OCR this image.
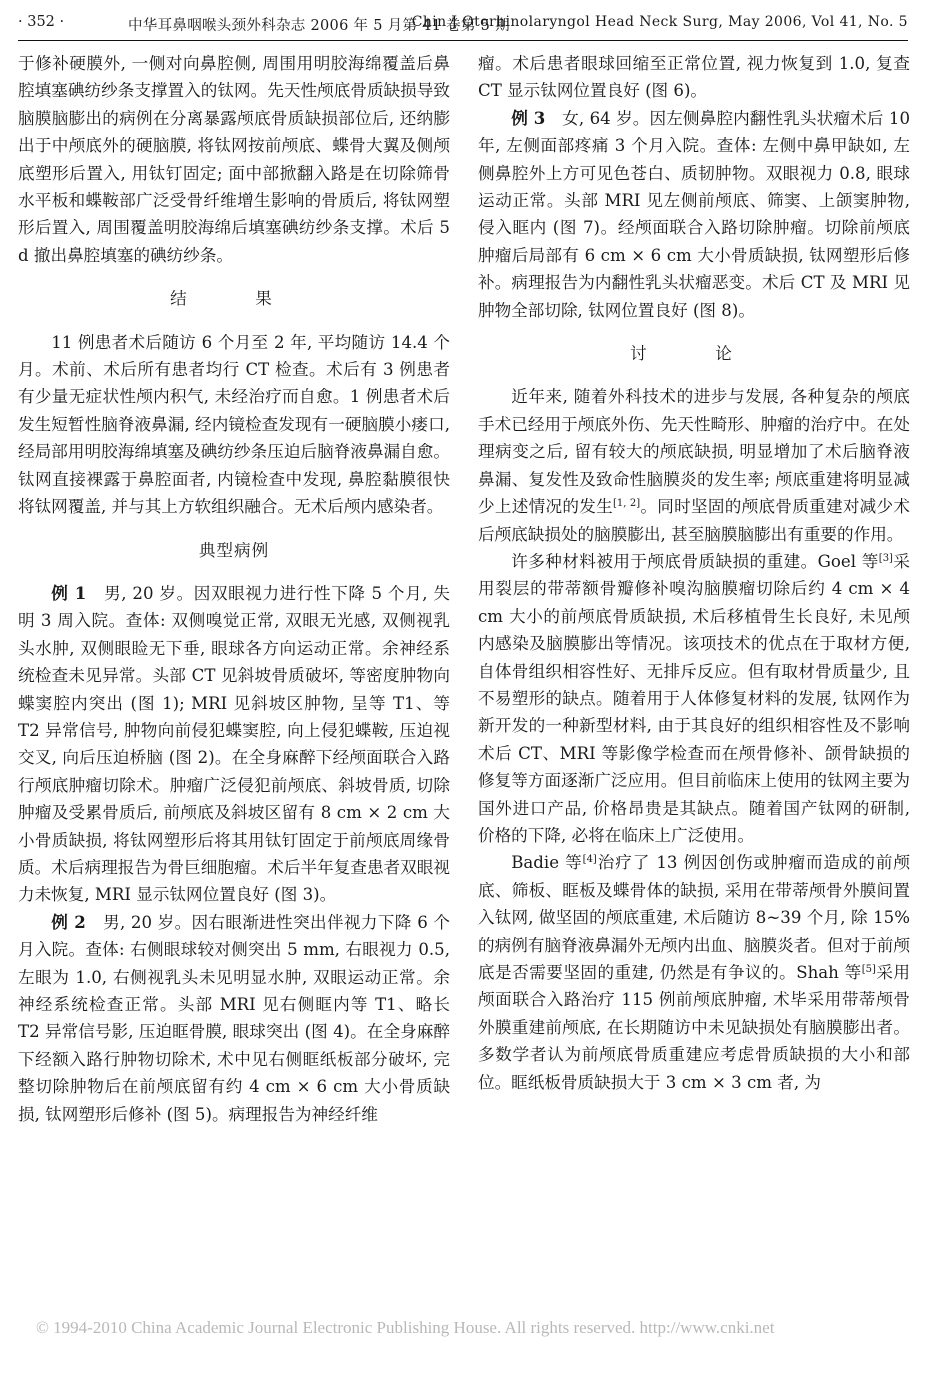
· 352 ·	中华耳鼻咽喉头颈外科杂志 2006 年 5 月第 41 卷第 5 期
Chin J Otorhinolaryngol Head Neck Surg, May 2006, Vol 41, No. 5

于修补硬膜外, 一侧对向鼻腔侧, 周围用明胶海绵覆盖后鼻腔填塞碘纺纱条支撑置入的钛网。先天性颅底骨质缺损导致脑膜脑膨出的病例在分离暴露颅底骨质缺损部位后, 还纳膨出于中颅底外的硬脑膜, 将钛网按前颅底、蝶骨大翼及侧颅底塑形后置入, 用钛钉固定; 面中部掀翻入路是在切除筛骨水平板和蝶鞍部广泛受骨纤维增生影响的骨质后, 将钛网塑形后置入, 周围覆盖明胶海绵后填塞碘纺纱条支撑。术后 5 d 撤出鼻腔填塞的碘纺纱条。

结　果

11 例患者术后随访 6 个月至 2 年, 平均随访 14.4 个月。术前、术后所有患者均行 CT 检查。术后有 3 例患者有少量无症状性颅内积气, 未经治疗而自愈。1 例患者术后发生短暂性脑脊液鼻漏, 经内镜检查发现有一硬脑膜小瘘口, 经局部用明胶海绵填塞及碘纺纱条压迫后脑脊液鼻漏自愈。钛网直接裸露于鼻腔面者, 内镜检查中发现, 鼻腔黏膜很快将钛网覆盖, 并与其上方软组织融合。无术后颅内感染者。

典型病例

例 1　 男, 20 岁。因双眼视力进行性下降 5 个月, 失明 3 周入院。查体: 双侧嗅觉正常, 双眼无光感, 双侧视乳头水肿, 双侧眼睑无下垂, 眼球各方向运动正常。余神经系统检查未见异常。头部 CT 见斜坡骨质破坏, 等密度肿物向蝶窦腔内突出 (图 1); MRI 见斜坡区肿物, 呈等 T1、等 T2 异常信号, 肿物向前侵犯蝶窦腔, 向上侵犯蝶鞍, 压迫视交叉, 向后压迫桥脑 (图 2)。在全身麻醉下经颅面联合入路行颅底肿瘤切除术。肿瘤广泛侵犯前颅底、斜坡骨质, 切除肿瘤及受累骨质后, 前颅底及斜坡区留有 8 cm × 2 cm 大小骨质缺损, 将钛网塑形后将其用钛钉固定于前颅底周缘骨质。术后病理报告为骨巨细胞瘤。术后半年复查患者双眼视力未恢复, MRI 显示钛网位置良好 (图 3)。

例 2　 男, 20 岁。因右眼渐进性突出伴视力下降 6 个月入院。查体: 右侧眼球较对侧突出 5 mm, 右眼视力 0.5, 左眼为 1.0, 右侧视乳头未见明显水肿, 双眼运动正常。余神经系统检查正常。头部 MRI 见右侧眶内等 T1、略长 T2 异常信号影, 压迫眶骨膜, 眼球突出 (图 4)。在全身麻醉下经额入路行肿物切除术, 术中见右侧眶纸板部分破坏, 完整切除肿物后在前颅底留有约 4 cm × 6 cm 大小骨质缺损, 钛网塑形后修补 (图 5)。病理报告为神经纤维

瘤。术后患者眼球回缩至正常位置, 视力恢复到 1.0, 复查 CT 显示钛网位置良好 (图 6)。

例 3　 女, 64 岁。因左侧鼻腔内翻性乳头状瘤术后 10 年, 左侧面部疼痛 3 个月入院。查体: 左侧中鼻甲缺如, 左侧鼻腔外上方可见色苍白、质韧肿物。双眼视力 0.8, 眼球运动正常。头部 MRI 见左侧前颅底、筛窦、上颌窦肿物, 侵入眶内 (图 7)。经颅面联合入路切除肿瘤。切除前颅底肿瘤后局部有 6 cm × 6 cm 大小骨质缺损, 钛网塑形后修补。病理报告为内翻性乳头状瘤恶变。术后 CT 及 MRI 见肿物全部切除, 钛网位置良好 (图 8)。

讨　论

近年来, 随着外科技术的进步与发展, 各种复杂的颅底手术已经用于颅底外伤、先天性畸形、肿瘤的治疗中。在处理病变之后, 留有较大的颅底缺损, 明显增加了术后脑脊液鼻漏、复发性及致命性脑膜炎的发生率; 颅底重建将明显减少上述情况的发生[1, 2]。同时坚固的颅底骨质重建对减少术后颅底缺损处的脑膜膨出, 甚至脑膜脑膨出有重要的作用。

许多种材料被用于颅底骨质缺损的重建。Goel 等[3]采用裂层的带蒂额骨瓣修补嗅沟脑膜瘤切除后约 4 cm × 4 cm 大小的前颅底骨质缺损, 术后移植骨生长良好, 未见颅内感染及脑膜膨出等情况。该项技术的优点在于取材方便, 自体骨组织相容性好、无排斥反应。但有取材骨质量少, 且不易塑形的缺点。随着用于人体修复材料的发展, 钛网作为新开发的一种新型材料, 由于其良好的组织相容性及不影响术后 CT、MRI 等影像学检查而在颅骨修补、颌骨缺损的修复等方面逐渐广泛应用。但目前临床上使用的钛网主要为国外进口产品, 价格昂贵是其缺点。随着国产钛网的研制, 价格的下降, 必将在临床上广泛使用。

Badie 等[4]治疗了 13 例因创伤或肿瘤而造成的前颅底、筛板、眶板及蝶骨体的缺损, 采用在带蒂颅骨外膜间置入钛网, 做坚固的颅底重建, 术后随访 8~39 个月, 除 15% 的病例有脑脊液鼻漏外无颅内出血、脑膜炎者。但对于前颅底是否需要坚固的重建, 仍然是有争议的。Shah 等[5]采用颅面联合入路治疗 115 例前颅底肿瘤, 术毕采用带蒂颅骨外膜重建前颅底, 在长期随访中未见缺损处有脑膜膨出者。多数学者认为前颅底骨质重建应考虑骨质缺损的大小和部位。眶纸板骨质缺损大于 3 cm × 3 cm 者, 为

© 1994-2010 China Academic Journal Electronic Publishing House. All rights reserved. http://www.cnki.net
